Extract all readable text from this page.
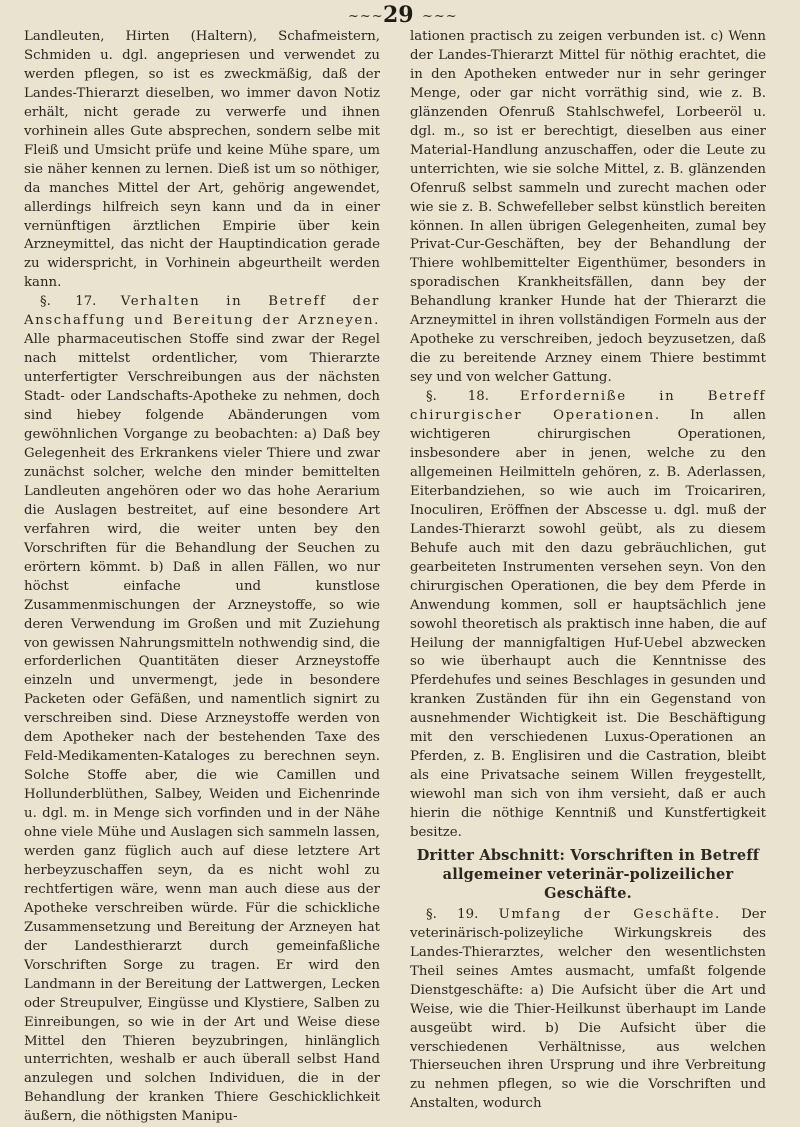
~~~ 29 ~~~

Landleuten, Hirten (Haltern), Schafmeistern, Schmiden u. dgl. angepriesen und verwendet zu werden pflegen, so ist es zweckmäßig, daß der Landes-Thierarzt dieselben, wo immer davon Notiz erhält, nicht gerade zu verwerfe und ihnen vorhinein alles Gute absprechen, sondern selbe mit Fleiß und Umsicht prüfe und keine Mühe spare, um sie näher kennen zu lernen. Dieß ist um so nöthiger, da manches Mittel der Art, gehörig angewendet, allerdings hilfreich seyn kann und da in einer vernünftigen ärztlichen Empirie über kein Arzneymittel, das nicht der Hauptindication gerade zu widerspricht, in Vorhinein abgeurtheilt werden kann.

§. 17. Verhalten in Betreff der Anschaffung und Bereitung der Arzneyen. Alle pharmaceutischen Stoffe sind zwar der Regel nach mittelst ordentlicher, vom Thierarzte unterfertigter Verschreibungen aus der nächsten Stadt- oder Landschafts-Apotheke zu nehmen, doch sind hiebey folgende Abänderungen vom gewöhnlichen Vorgange zu beobachten: a) Daß bey Gelegenheit des Erkrankens vieler Thiere und zwar zunächst solcher, welche den minder bemittelten Landleuten angehören oder wo das hohe Aerarium die Auslagen bestreitet, auf eine besondere Art verfahren wird, die weiter unten bey den Vorschriften für die Behandlung der Seuchen zu erörtern kömmt. b) Daß in allen Fällen, wo nur höchst einfache und kunstlose Zusammenmischungen der Arzneystoffe, so wie deren Verwendung im Großen und mit Zuziehung von gewissen Nahrungsmitteln nothwendig sind, die erforderlichen Quantitäten dieser Arzneystoffe einzeln und unvermengt, jede in besondere Packeten oder Gefäßen, und namentlich signirt zu verschreiben sind. Diese Arzneystoffe werden von dem Apotheker nach der bestehenden Taxe des Feld-Medikamenten-Kataloges zu berechnen seyn. Solche Stoffe aber, die wie Camillen und Hollunderblüthen, Salbey, Weiden und Eichenrinde u. dgl. m. in Menge sich vorfinden und in der Nähe ohne viele Mühe und Auslagen sich sammeln lassen, werden ganz füglich auch auf diese letztere Art herbeyzuschaffen seyn, da es nicht wohl zu rechtfertigen wäre, wenn man auch diese aus der Apotheke verschreiben würde. Für die schickliche Zusammensetzung und Bereitung der Arzneyen hat der Landesthierarzt durch gemeinfaßliche Vorschriften Sorge zu tragen. Er wird den Landmann in der Bereitung der Lattwergen, Lecken oder Streupulver, Eingüsse und Klystiere, Salben zu Einreibungen, so wie in der Art und Weise diese Mittel den Thieren beyzubringen, hinlänglich unterrichten, weshalb er auch überall selbst Hand anzulegen und solchen Individuen, die in der Behandlung der kranken Thiere Geschicklichkeit äußern, die nöthigsten Manipu-

lationen practisch zu zeigen verbunden ist. c) Wenn der Landes-Thierarzt Mittel für nöthig erachtet, die in den Apotheken entweder nur in sehr geringer Menge, oder gar nicht vorräthig sind, wie z. B. glänzenden Ofenruß Stahlschwefel, Lorbeeröl u. dgl. m., so ist er berechtigt, dieselben aus einer Material-Handlung anzuschaffen, oder die Leute zu unterrichten, wie sie solche Mittel, z. B. glänzenden Ofenruß selbst sammeln und zurecht machen oder wie sie z. B. Schwefelleber selbst künstlich bereiten können. In allen übrigen Gelegenheiten, zumal bey Privat-Cur-Geschäften, bey der Behandlung der Thiere wohlbemittelter Eigenthümer, besonders in sporadischen Krankheitsfällen, dann bey der Behandlung kranker Hunde hat der Thierarzt die Arzneymittel in ihren vollständigen Formeln aus der Apotheke zu verschreiben, jedoch beyzusetzen, daß die zu bereitende Arzney einem Thiere bestimmt sey und von welcher Gattung.

§. 18. Erforderniße in Betreff chirurgischer Operationen. In allen wichtigeren chirurgischen Operationen, insbesondere aber in jenen, welche zu den allgemeinen Heilmitteln gehören, z. B. Aderlassen, Eiterbandziehen, so wie auch im Troicariren, Inoculiren, Eröffnen der Abscesse u. dgl. muß der Landes-Thierarzt sowohl geübt, als zu diesem Behufe auch mit den dazu gebräuchlichen, gut gearbeiteten Instrumenten versehen seyn. Von den chirurgischen Operationen, die bey dem Pferde in Anwendung kommen, soll er hauptsächlich jene sowohl theoretisch als praktisch inne haben, die auf Heilung der mannigfaltigen Huf-Uebel abzwecken so wie überhaupt auch die Kenntnisse des Pferdehufes und seines Beschlages in gesunden und kranken Zuständen für ihn ein Gegenstand von ausnehmender Wichtigkeit ist. Die Beschäftigung mit den verschiedenen Luxus-Operationen an Pferden, z. B. Englisiren und die Castration, bleibt als eine Privatsache seinem Willen freygestellt, wiewohl man sich von ihm versieht, daß er auch hierin die nöthige Kenntniß und Kunstfertigkeit besitze.

Dritter Abschnitt: Vorschriften in Betreff allgemeiner veterinär-polizeilicher Geschäfte.

§. 19. Umfang der Geschäfte. Der veterinärisch-polizeyliche Wirkungskreis des Landes-Thierarztes, welcher den wesentlichsten Theil seines Amtes ausmacht, umfaßt folgende Dienstgeschäfte: a) Die Aufsicht über die Art und Weise, wie die Thier-Heilkunst überhaupt im Lande ausgeübt wird. b) Die Aufsicht über die verschiedenen Verhältnisse, aus welchen Thierseuchen ihren Ursprung und ihre Verbreitung zu nehmen pflegen, so wie die Vorschriften und Anstalten, wodurch
